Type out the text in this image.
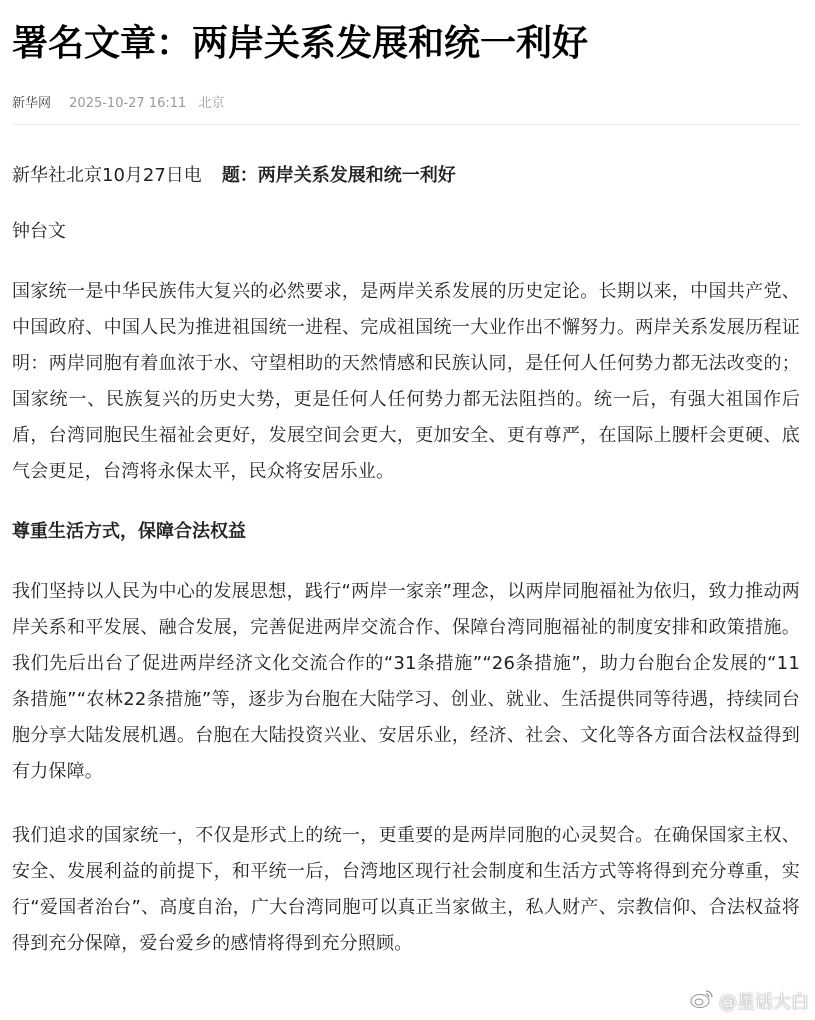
署名文章：两岸关系发展和统一利好
新华网 2025-10-27 16:11 北京
新华社北京10月27日电 题：两岸关系发展和统一利好
钟台文

国家统一是中华民族伟大复兴的必然要求，是两岸关系发展的历史定论。长期以来，中国共产党、中国政府、中国人民为推进祖国统一进程、完成祖国统一大业作出不懈努力。两岸关系发展历程证明：两岸同胞有着血浓于水、守望相助的天然情感和民族认同，是任何人任何势力都无法改变的；国家统一、民族复兴的历史大势，更是任何人任何势力都无法阻挡的。统一后，有强大祖国作后盾，台湾同胞民生福祉会更好，发展空间会更大，更加安全、更有尊严，在国际上腰杆会更硬、底气会更足，台湾将永保太平，民众将安居乐业。

尊重生活方式，保障合法权益

我们坚持以人民为中心的发展思想，践行“两岸一家亲”理念，以两岸同胞福祉为依归，致力推动两岸关系和平发展、融合发展，完善促进两岸交流合作、保障台湾同胞福祉的制度安排和政策措施。我们先后出台了促进两岸经济文化交流合作的“31条措施”“26条措施”，助力台胞台企发展的“11条措施”“农林22条措施”等，逐步为台胞在大陆学习、创业、就业、生活提供同等待遇，持续同台胞分享大陆发展机遇。台胞在大陆投资兴业、安居乐业，经济、社会、文化等各方面合法权益得到有力保障。

我们追求的国家统一，不仅是形式上的统一，更重要的是两岸同胞的心灵契合。在确保国家主权、安全、发展利益的前提下，和平统一后，台湾地区现行社会制度和生活方式等将得到充分尊重，实行“爱国者治台”、高度自治，广大台湾同胞可以真正当家做主，私人财产、宗教信仰、合法权益将得到充分保障，爱台爱乡的感情将得到充分照顾。

@星话大白
